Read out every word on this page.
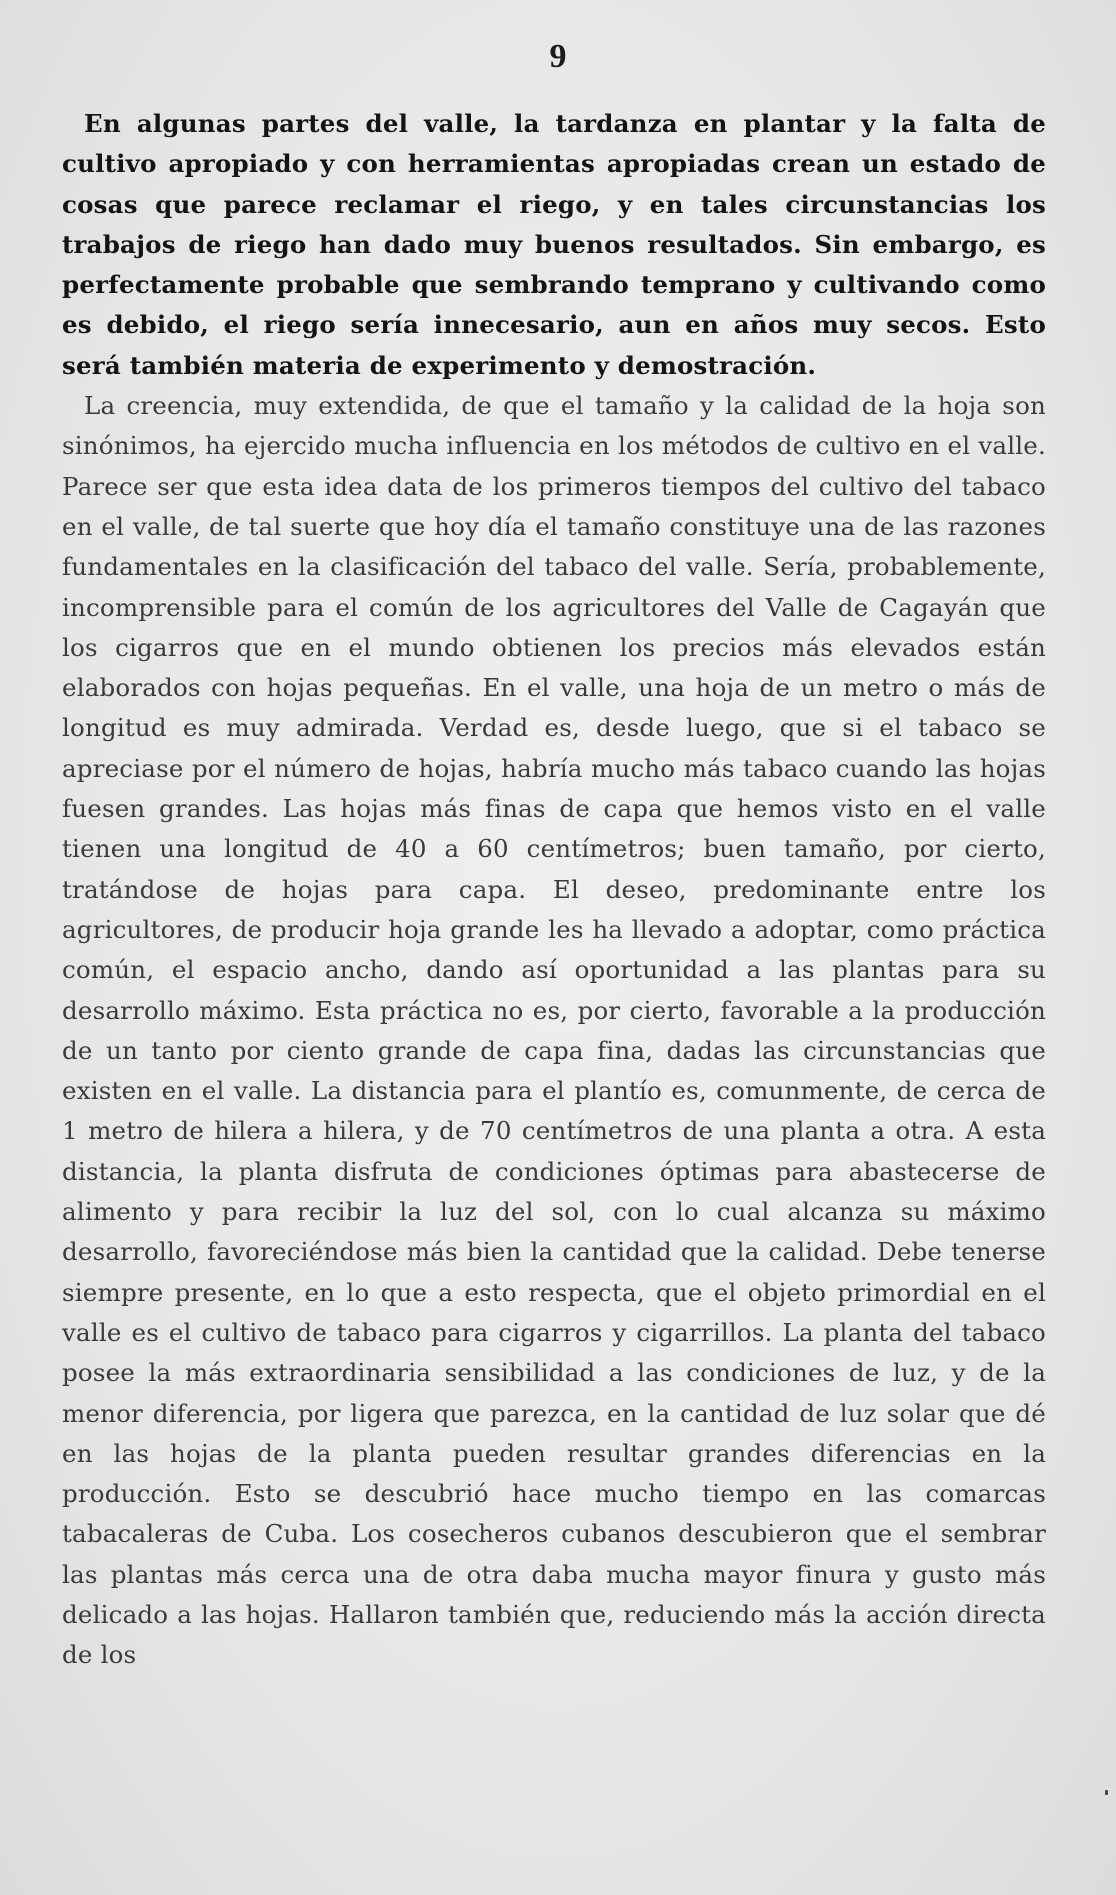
9

En algunas partes del valle, la tardanza en plantar y la falta de cultivo apropiado y con herramientas apropiadas crean un estado de cosas que parece reclamar el riego, y en tales circunstancias los trabajos de riego han dado muy buenos resultados. Sin embargo, es perfectamente probable que sembrando temprano y cultivando como es debido, el riego sería innecesario, aun en años muy secos. Esto será también materia de experimento y demostración.

La creencia, muy extendida, de que el tamaño y la calidad de la hoja son sinónimos, ha ejercido mucha influencia en los métodos de cultivo en el valle. Parece ser que esta idea data de los primeros tiempos del cultivo del tabaco en el valle, de tal suerte que hoy día el tamaño constituye una de las razones fundamentales en la clasificación del tabaco del valle. Sería, probablemente, incomprensible para el común de los agricultores del Valle de Cagayán que los cigarros que en el mundo obtienen los precios más elevados están elaborados con hojas pequeñas. En el valle, una hoja de un metro o más de longitud es muy admirada. Verdad es, desde luego, que si el tabaco se apreciase por el número de hojas, habría mucho más tabaco cuando las hojas fuesen grandes. Las hojas más finas de capa que hemos visto en el valle tienen una longitud de 40 a 60 centímetros; buen tamaño, por cierto, tratándose de hojas para capa. El deseo, predominante entre los agricultores, de producir hoja grande les ha llevado a adoptar, como práctica común, el espacio ancho, dando así oportunidad a las plantas para su desarrollo máximo. Esta práctica no es, por cierto, favorable a la producción de un tanto por ciento grande de capa fina, dadas las circunstancias que existen en el valle. La distancia para el plantío es, comunmente, de cerca de 1 metro de hilera a hilera, y de 70 centímetros de una planta a otra. A esta distancia, la planta disfruta de condiciones óptimas para abastecerse de alimento y para recibir la luz del sol, con lo cual alcanza su máximo desarrollo, favoreciéndose más bien la cantidad que la calidad. Debe tenerse siempre presente, en lo que a esto respecta, que el objeto primordial en el valle es el cultivo de tabaco para cigarros y cigarrillos. La planta del tabaco posee la más extraordinaria sensibilidad a las condiciones de luz, y de la menor diferencia, por ligera que parezca, en la cantidad de luz solar que dé en las hojas de la planta pueden resultar grandes diferencias en la producción. Esto se descubrió hace mucho tiempo en las comarcas tabacaleras de Cuba. Los cosecheros cubanos descubieron que el sembrar las plantas más cerca una de otra daba mucha mayor finura y gusto más delicado a las hojas. Hallaron también que, reduciendo más la acción directa de los
